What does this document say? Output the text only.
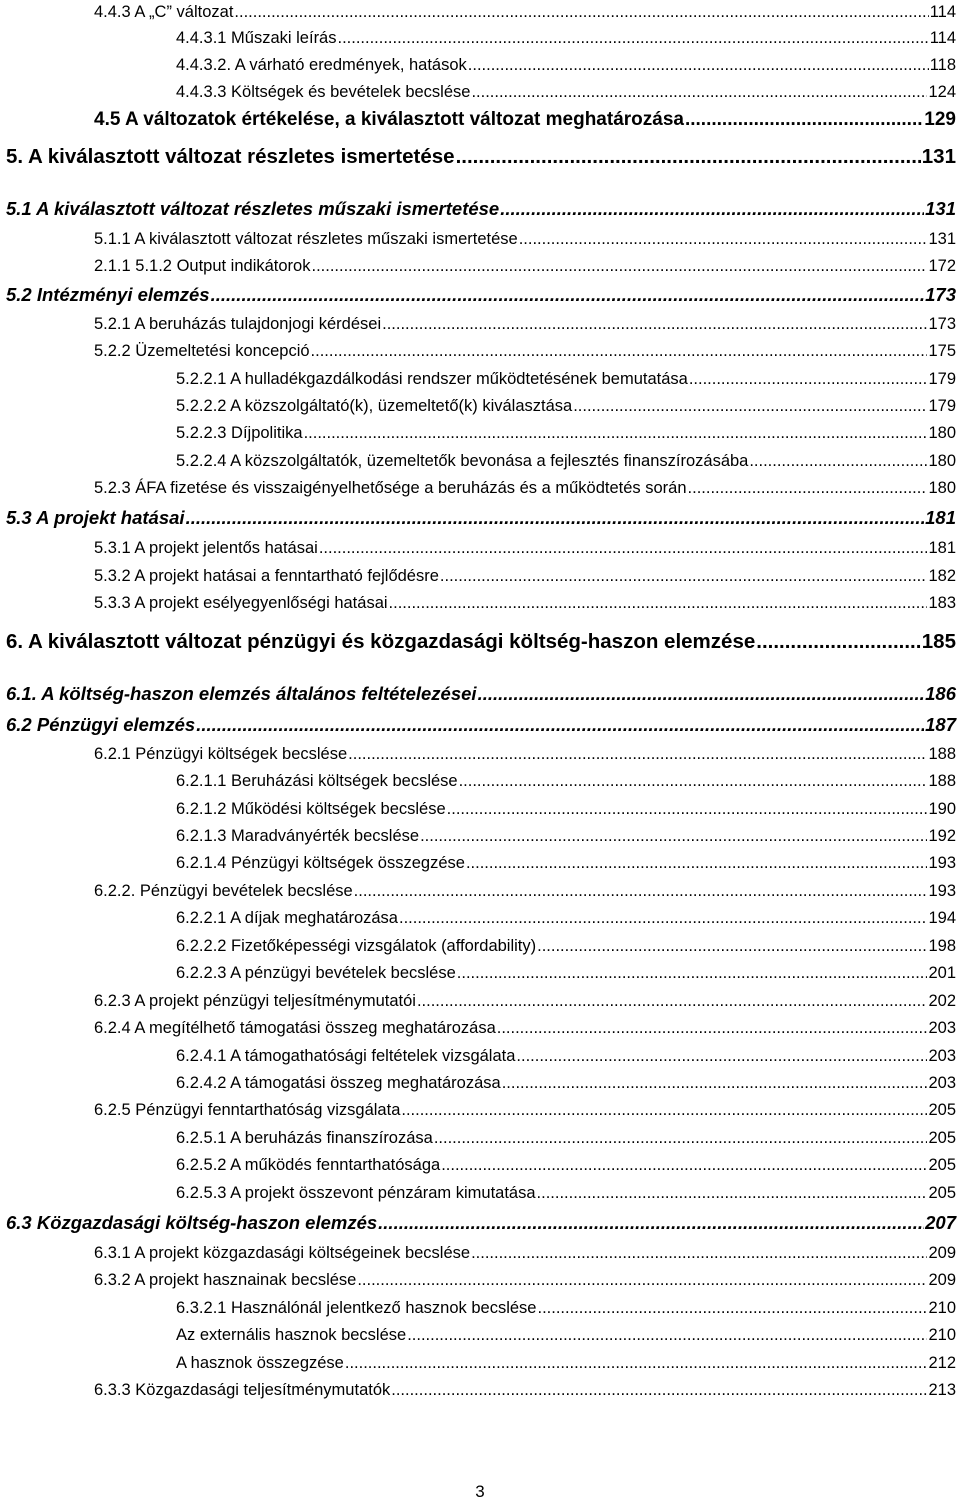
4.4.3 A „C” változat .....	114
4.4.3.1 Műszaki leírás .....	114
4.4.3.2. A várható eredmények, hatások .....	118
4.4.3.3 Költségek és bevételek becslése .....	124
4.5 A változatok értékelése, a kiválasztott változat meghatározása .....	129
5. A kiválasztott változat részletes ismertetése .....	131
5.1 A kiválasztott változat részletes műszaki ismertetése .....	131
5.1.1 A kiválasztott változat részletes műszaki ismertetése .....	131
2.1.1 5.1.2 Output indikátorok .....	172
5.2 Intézményi elemzés .....	173
5.2.1 A beruházás tulajdonjogi kérdései .....	173
5.2.2 Üzemeltetési koncepció .....	175
5.2.2.1 A hulladékgazdálkodási rendszer működtetésének bemutatása .....	179
5.2.2.2 A közszolgáltató(k), üzemeltető(k) kiválasztása .....	179
5.2.2.3 Díjpolitika .....	180
5.2.2.4 A közszolgáltatók, üzemeltetők bevonása a fejlesztés finanszírozásába .....	180
5.2.3 ÁFA fizetése és visszaigényelhetősége a beruházás és a működtetés során .....	180
5.3 A projekt hatásai .....	181
5.3.1 A projekt jelentős hatásai .....	181
5.3.2 A projekt hatásai a fenntartható fejlődésre .....	182
5.3.3 A projekt esélyegyenlőségi hatásai .....	183
6. A kiválasztott változat pénzügyi és közgazdasági költség-haszon elemzése .....	185
6.1. A költség-haszon elemzés általános feltételezései .....	186
6.2 Pénzügyi elemzés .....	187
6.2.1 Pénzügyi költségek becslése .....	188
6.2.1.1 Beruházási költségek becslése .....	188
6.2.1.2 Működési költségek becslése .....	190
6.2.1.3 Maradványérték becslése .....	192
6.2.1.4 Pénzügyi költségek összegzése .....	193
6.2.2. Pénzügyi bevételek becslése .....	193
6.2.2.1 A díjak meghatározása .....	194
6.2.2.2 Fizetőképességi vizsgálatok (affordability) .....	198
6.2.2.3 A pénzügyi bevételek becslése .....	201
6.2.3 A projekt pénzügyi teljesítménymutatói .....	202
6.2.4 A megítélhető támogatási összeg meghatározása .....	203
6.2.4.1 A támogathatósági feltételek vizsgálata .....	203
6.2.4.2 A támogatási összeg meghatározása .....	203
6.2.5 Pénzügyi fenntarthatóság vizsgálata .....	205
6.2.5.1 A beruházás finanszírozása .....	205
6.2.5.2 A működés fenntarthatósága .....	205
6.2.5.3 A projekt összevont pénzáram kimutatása .....	205
6.3 Közgazdasági költség-haszon elemzés .....	207
6.3.1 A projekt közgazdasági költségeinek becslése .....	209
6.3.2 A projekt hasznainak becslése .....	209
6.3.2.1 Használónál jelentkező hasznok becslése .....	210
Az externális hasznok becslése .....	210
A hasznok összegzése .....	212
6.3.3 Közgazdasági teljesítménymutatók .....	213
3
